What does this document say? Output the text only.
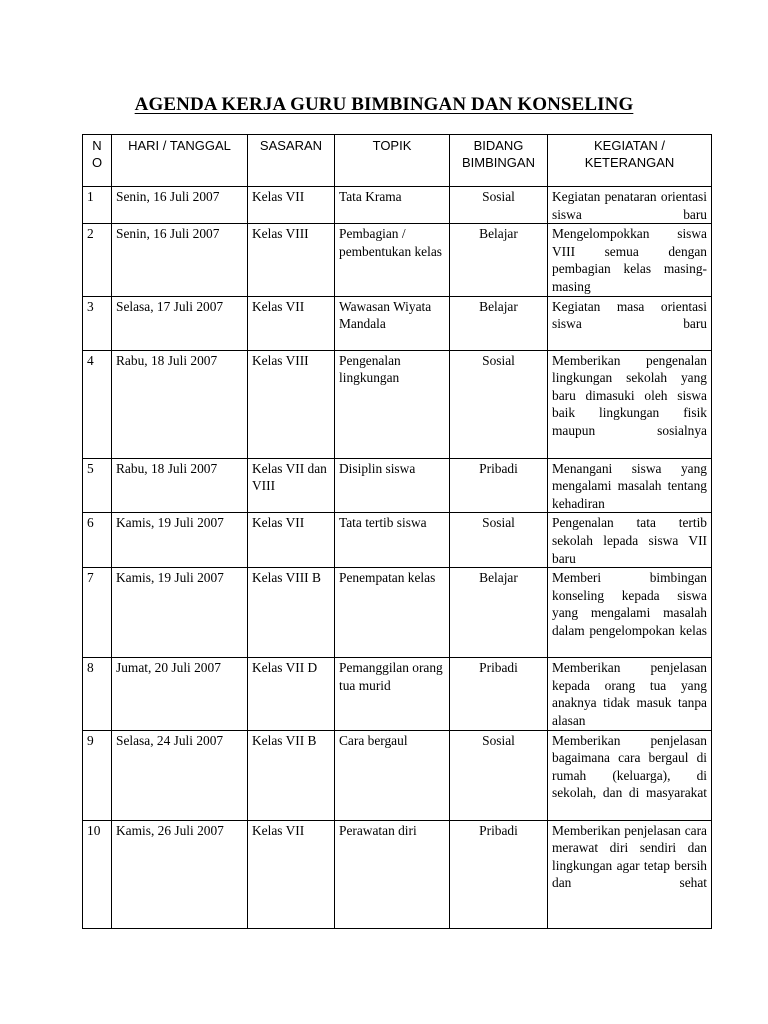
AGENDA KERJA GURU BIMBINGAN DAN KONSELING
N O	HARI / TANGGAL	SASARAN	TOPIK	BIDANG BIMBINGAN	KEGIATAN / KETERANGAN
1	Senin, 16 Juli 2007	Kelas VII	Tata Krama	Sosial	Kegiatan penataran orientasi siswa baru
2	Senin, 16 Juli 2007	Kelas VIII	Pembagian / pembentukan kelas	Belajar	Mengelompokkan siswa VIII semua dengan pembagian kelas masing-masing
3	Selasa, 17 Juli 2007	Kelas VII	Wawasan Wiyata Mandala	Belajar	Kegiatan masa orientasi siswa baru
4	Rabu, 18 Juli 2007	Kelas VIII	Pengenalan lingkungan	Sosial	Memberikan pengenalan lingkungan sekolah yang baru dimasuki oleh siswa baik lingkungan fisik maupun sosialnya
5	Rabu, 18 Juli 2007	Kelas VII dan VIII	Disiplin siswa	Pribadi	Menangani siswa yang mengalami masalah tentang kehadiran
6	Kamis, 19 Juli 2007	Kelas VII	Tata tertib siswa	Sosial	Pengenalan tata tertib sekolah lepada siswa VII baru
7	Kamis, 19 Juli 2007	Kelas VIII B	Penempatan kelas	Belajar	Memberi bimbingan konseling kepada siswa yang mengalami masalah dalam pengelompokan kelas
8	Jumat, 20 Juli 2007	Kelas VII D	Pemanggilan orang tua murid	Pribadi	Memberikan penjelasan kepada orang tua yang anaknya tidak masuk tanpa alasan
9	Selasa, 24 Juli 2007	Kelas VII B	Cara bergaul	Sosial	Memberikan penjelasan bagaimana cara bergaul di rumah (keluarga), di sekolah, dan di masyarakat
10	Kamis, 26 Juli 2007	Kelas VII	Perawatan diri	Pribadi	Memberikan penjelasan cara merawat diri sendiri dan lingkungan agar tetap bersih dan sehat
